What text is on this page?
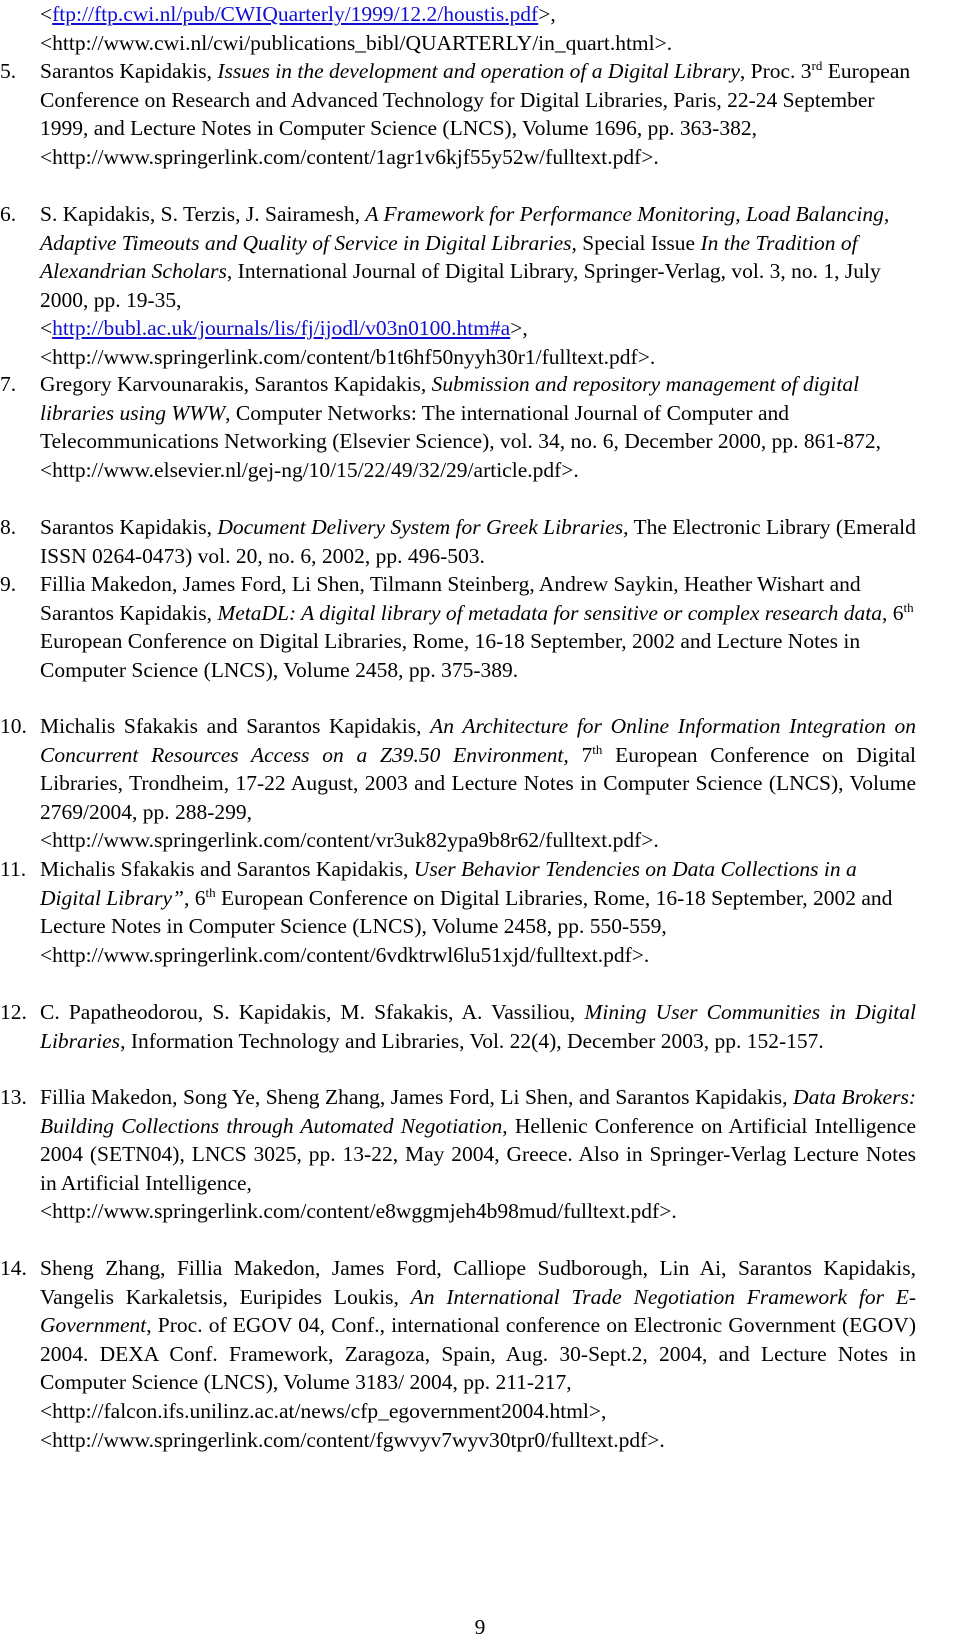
<ftp://ftp.cwi.nl/pub/CWIQuarterly/1999/12.2/houstis.pdf>,
<http://www.cwi.nl/cwi/publications_bibl/QUARTERLY/in_quart.html>.
5.	Sarantos Kapidakis, Issues in the development and operation of a Digital Library, Proc. 3rd European Conference on Research and Advanced Technology for Digital Libraries, Paris, 22-24 September 1999, and Lecture Notes in Computer Science (LNCS), Volume 1696, pp. 363-382,
<http://www.springerlink.com/content/1agr1v6kjf55y52w/fulltext.pdf>.
6.	S. Kapidakis, S. Terzis, J. Sairamesh, A Framework for Performance Monitoring, Load Balancing, Adaptive Timeouts and Quality of Service in Digital Libraries, Special Issue In the Tradition of Alexandrian Scholars, International Journal of Digital Library, Springer-Verlag, vol. 3, no. 1, July 2000, pp. 19-35,
<http://bubl.ac.uk/journals/lis/fj/ijodl/v03n0100.htm#a>,
<http://www.springerlink.com/content/b1t6hf50nyyh30r1/fulltext.pdf>.
7.	Gregory Karvounarakis, Sarantos Kapidakis, Submission and repository management of digital libraries using WWW, Computer Networks: The international Journal of Computer and Telecommunications Networking (Elsevier Science), vol. 34, no. 6, December 2000, pp. 861-872, <http://www.elsevier.nl/gej-ng/10/15/22/49/32/29/article.pdf>.
8.	Sarantos Kapidakis, Document Delivery System for Greek Libraries, The Electronic Library (Emerald ISSN 0264-0473) vol. 20, no. 6, 2002, pp. 496-503.
9.	Fillia Makedon, James Ford, Li Shen, Tilmann Steinberg, Andrew Saykin, Heather Wishart and Sarantos Kapidakis, MetaDL: A digital library of metadata for sensitive or complex research data, 6th European Conference on Digital Libraries, Rome, 16-18 September, 2002 and Lecture Notes in Computer Science (LNCS), Volume 2458, pp. 375-389.
10. Michalis Sfakakis and Sarantos Kapidakis, An Architecture for Online Information Integration on Concurrent Resources Access on a Z39.50 Environment, 7th European Conference on Digital Libraries, Trondheim, 17-22 August, 2003 and Lecture Notes in Computer Science (LNCS), Volume 2769/2004, pp. 288-299,
<http://www.springerlink.com/content/vr3uk82ypa9b8r62/fulltext.pdf>.
11. Michalis Sfakakis and Sarantos Kapidakis, User Behavior Tendencies on Data Collections in a Digital Library”, 6th European Conference on Digital Libraries, Rome, 16-18 September, 2002 and Lecture Notes in Computer Science (LNCS), Volume 2458, pp. 550-559,
<http://www.springerlink.com/content/6vdktrwl6lu51xjd/fulltext.pdf>.
12. C. Papatheodorou, S. Kapidakis, M. Sfakakis, A. Vassiliou, Mining User Communities in Digital Libraries, Information Technology and Libraries, Vol. 22(4), December 2003, pp. 152-157.
13. Fillia Makedon, Song Ye, Sheng Zhang, James Ford, Li Shen, and Sarantos Kapidakis, Data Brokers: Building Collections through Automated Negotiation, Hellenic Conference on Artificial Intelligence 2004 (SETN04), LNCS 3025, pp. 13-22, May 2004, Greece. Also in Springer-Verlag Lecture Notes in Artificial Intelligence,
<http://www.springerlink.com/content/e8wggmjeh4b98mud/fulltext.pdf>.
14. Sheng Zhang, Fillia Makedon, James Ford, Calliope Sudborough, Lin Ai, Sarantos Kapidakis, Vangelis Karkaletsis, Euripides Loukis, An International Trade Negotiation Framework for E-Government, Proc. of EGOV 04, Conf., international conference on Electronic Government (EGOV) 2004. DEXA Conf. Framework, Zaragoza, Spain, Aug. 30-Sept.2, 2004, and Lecture Notes in Computer Science (LNCS), Volume 3183/ 2004, pp. 211-217,
<http://falcon.ifs.unilinz.ac.at/news/cfp_egovernment2004.html>,
<http://www.springerlink.com/content/fgwvyv7wyv30tpr0/fulltext.pdf>.
9
